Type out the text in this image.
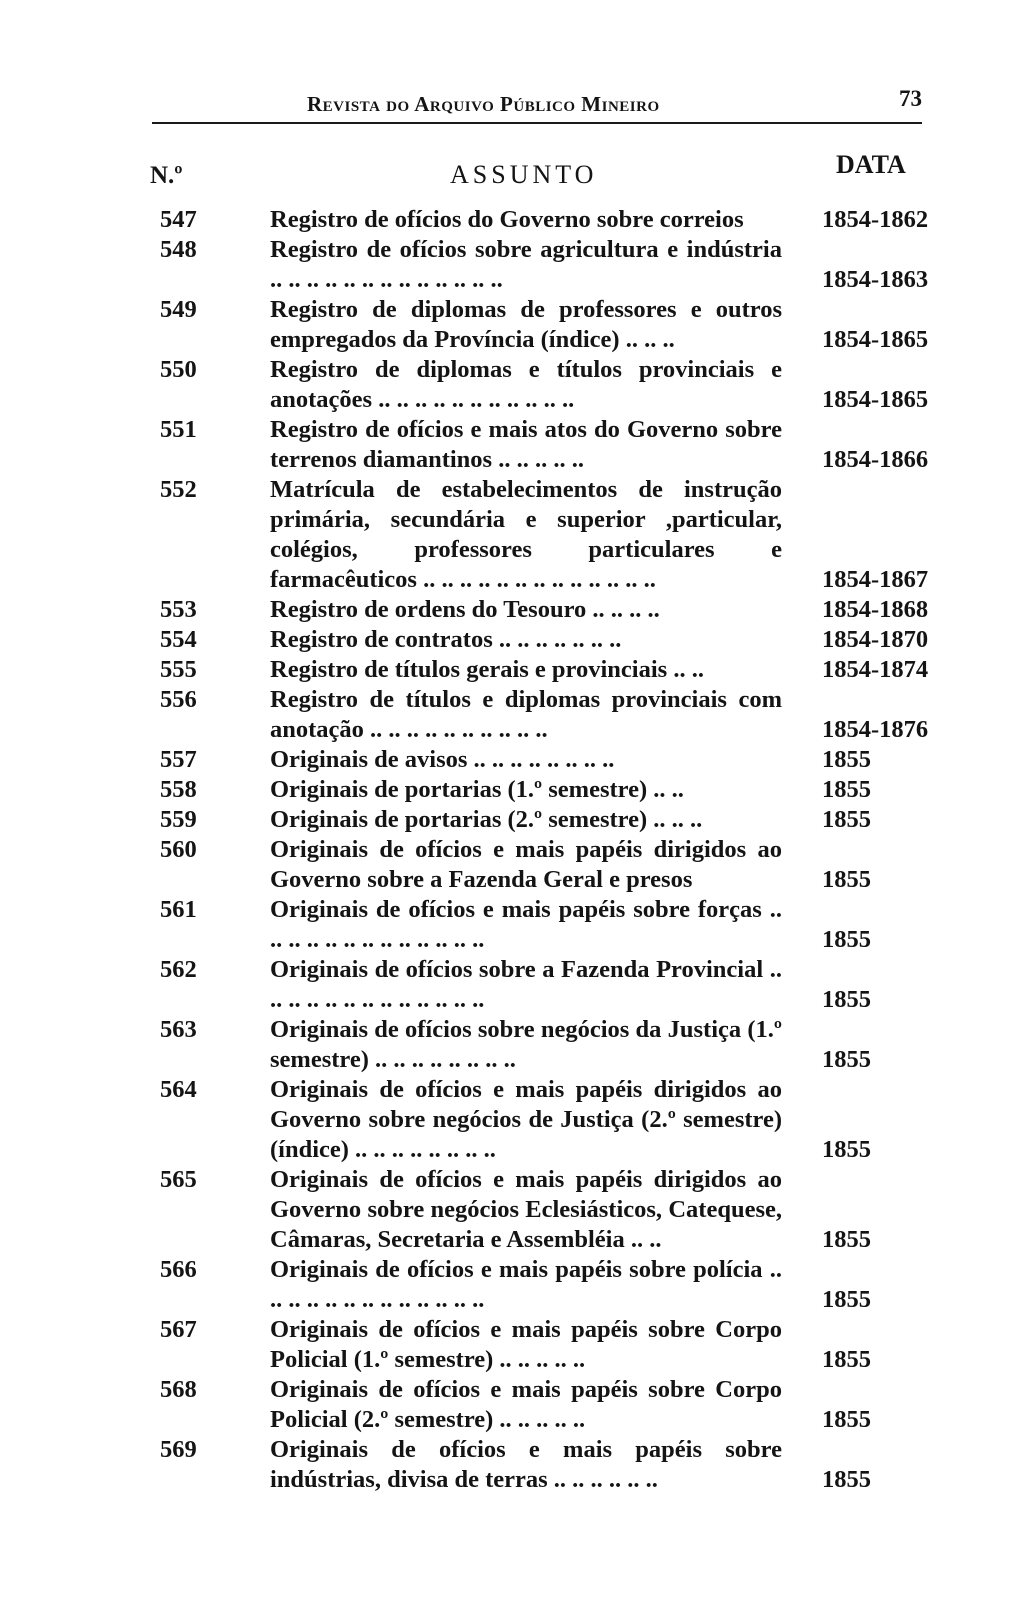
Revista do Arquivo Público Mineiro	73
N.º	ASSUNTO	DATA
547	Registro de ofícios do Governo sobre correios	1854-1862
548	Registro de ofícios sobre agricultura e indústria .. .. .. .. .. .. .. .. .. .. .. .. ..	1854-1863
549	Registro de diplomas de professores e outros empregados da Província (índice) .. .. ..	1854-1865
550	Registro de diplomas e títulos provinciais e anotações .. .. .. .. .. .. .. .. .. .. ..	1854-1865
551	Registro de ofícios e mais atos do Governo sobre terrenos diamantinos .. .. .. .. ..	1854-1866
552	Matrícula de estabelecimentos de instrução primária, secundária e superior ,particular, colégios, professores particulares e farmacêuticos .. .. .. .. .. .. .. .. .. .. .. .. ..	1854-1867
553	Registro de ordens do Tesouro .. .. .. ..	1854-1868
554	Registro de contratos .. .. .. .. .. .. ..	1854-1870
555	Registro de títulos gerais e provinciais .. ..	1854-1874
556	Registro de títulos e diplomas provinciais com anotação .. .. .. .. .. .. .. .. .. ..	1854-1876
557	Originais de avisos .. .. .. .. .. .. .. ..	1855
558	Originais de portarias (1.º semestre) .. ..	1855
559	Originais de portarias (2.º semestre) .. .. ..	1855
560	Originais de ofícios e mais papéis dirigidos ao Governo sobre a Fazenda Geral e presos	1855
561	Originais de ofícios e mais papéis sobre forças .. .. .. .. .. .. .. .. .. .. .. .. ..	1855
562	Originais de ofícios sobre a Fazenda Provincial .. .. .. .. .. .. .. .. .. .. .. .. ..	1855
563	Originais de ofícios sobre negócios da Justiça (1.º semestre) .. .. .. .. .. .. .. ..	1855
564	Originais de ofícios e mais papéis dirigidos ao Governo sobre negócios de Justiça (2.º semestre) (índice) .. .. .. .. .. .. .. ..	1855
565	Originais de ofícios e mais papéis dirigidos ao Governo sobre negócios Eclesiásticos, Catequese, Câmaras, Secretaria e Assembléia .. ..	1855
566	Originais de ofícios e mais papéis sobre polícia .. .. .. .. .. .. .. .. .. .. .. .. ..	1855
567	Originais de ofícios e mais papéis sobre Corpo Policial (1.º semestre) .. .. .. .. ..	1855
568	Originais de ofícios e mais papéis sobre Corpo Policial (2.º semestre) .. .. .. .. ..	1855
569	Originais de ofícios e mais papéis sobre indústrias, divisa de terras .. .. .. .. .. ..	1855
